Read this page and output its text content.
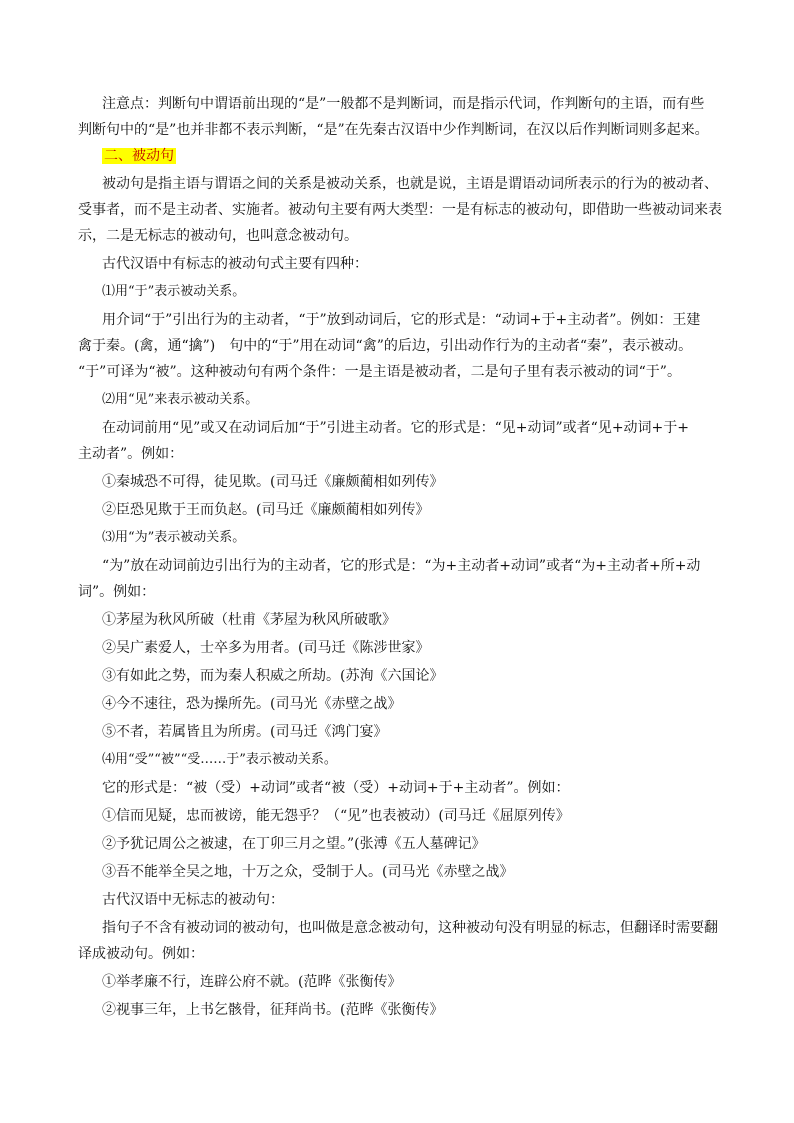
注意点：判断句中谓语前出现的“是”一般都不是判断词，而是指示代词，作判断句的主语，而有些
判断句中的“是”也并非都不表示判断，“是”在先秦古汉语中少作判断词，在汉以后作判断词则多起来。
二、被动句
被动句是指主语与谓语之间的关系是被动关系，也就是说，主语是谓语动词所表示的行为的被动者、
受事者，而不是主动者、实施者。被动句主要有两大类型：一是有标志的被动句，即借助一些被动词来表
示，二是无标志的被动句，也叫意念被动句。
古代汉语中有标志的被动句式主要有四种：
⑴用“于”表示被动关系。
用介词“于”引出行为的主动者，“于”放到动词后，它的形式是：“动词+于+主动者”。例如：王建
禽于秦。(禽，通“擒”)　句中的“于”用在动词“禽”的后边，引出动作行为的主动者“秦”，表示被动。
“于”可译为“被”。这种被动句有两个条件：一是主语是被动者，二是句子里有表示被动的词“于”。
⑵用“见”来表示被动关系。
在动词前用“见”或又在动词后加“于”引进主动者。它的形式是：“见+动词”或者“见+动词+于+
主动者”。例如：
①秦城恐不可得，徒见欺。(司马迁《廉颇蔺相如列传》
②臣恐见欺于王而负赵。(司马迁《廉颇蔺相如列传》
⑶用“为”表示被动关系。
“为”放在动词前边引出行为的主动者，它的形式是：“为+主动者+动词”或者“为+主动者+所+动
词”。例如：
①茅屋为秋风所破（杜甫《茅屋为秋风所破歌》
②吴广素爱人，士卒多为用者。(司马迁《陈涉世家》
③有如此之势，而为秦人积威之所劫。(苏洵《六国论》
④今不速往，恐为操所先。(司马光《赤壁之战》
⑤不者，若属皆且为所虏。(司马迁《鸿门宴》
⑷用“受”“被”“受……于”表示被动关系。
它的形式是：“被（受）+动词”或者“被（受）+动词+于+主动者”。例如：
①信而见疑，忠而被谤，能无怨乎？（“见”也表被动）(司马迁《屈原列传》
②予犹记周公之被逮，在丁卯三月之望。”(张溥《五人墓碑记》
③吾不能举全吴之地，十万之众，受制于人。(司马光《赤壁之战》
古代汉语中无标志的被动句：
指句子不含有被动词的被动句，也叫做是意念被动句，这种被动句没有明显的标志，但翻译时需要翻
译成被动句。例如：
①举孝廉不行，连辟公府不就。(范晔《张衡传》
②视事三年，上书乞骸骨，征拜尚书。(范晔《张衡传》
